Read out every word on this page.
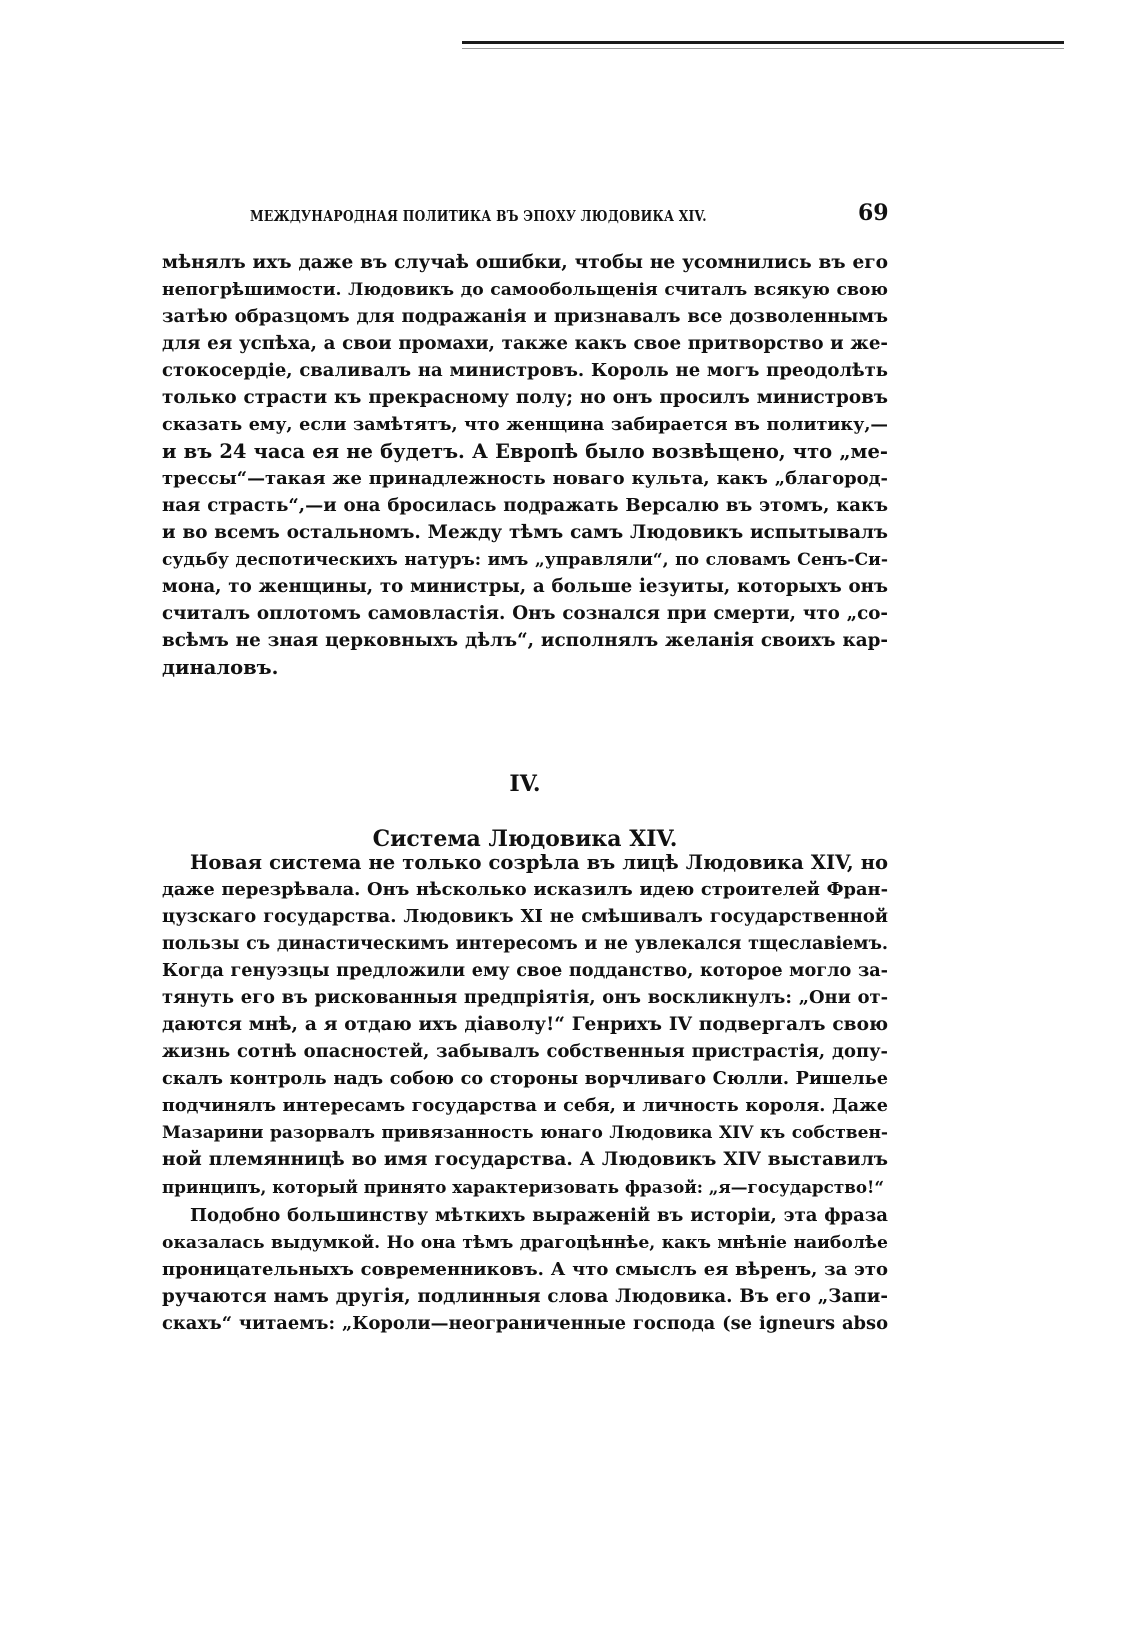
МЕЖДУНАРОДНАЯ ПОЛИТИКА ВЪ ЭПОХУ ЛЮДОВИКА XIV.	69
мѣнялъ ихъ даже въ случаѣ ошибки, чтобы не усомнились въ его
непогрѣшимости. Людовикъ до самообольщенія считалъ всякую свою
затѣю образцомъ для подражанія и признавалъ все дозволеннымъ
для ея успѣха, а свои промахи, также какъ свое притворство и же-
стокосердіе, сваливалъ на министровъ. Король не могъ преодолѣть
только страсти къ прекрасному полу; но онъ просилъ министровъ
сказать ему, если замѣтятъ, что женщина забирается въ политику,—
и въ 24 часа ея не будетъ. А Европѣ было возвѣщено, что „ме-
трессы“—такая же принадлежность новаго культа, какъ „благород-
ная страсть“,—и она бросилась подражать Версалю въ этомъ, какъ
и во всемъ остальномъ. Между тѣмъ самъ Людовикъ испытывалъ
судьбу деспотическихъ натуръ: имъ „управляли“, по словамъ Сенъ-Си-
мона, то женщины, то министры, а больше іезуиты, которыхъ онъ
считалъ оплотомъ самовластія. Онъ сознался при смерти, что „со-
всѣмъ не зная церковныхъ дѣлъ“, исполнялъ желанія своихъ кар-
диналовъ.
IV.
Система Людовика XIV.
Новая система не только созрѣла въ лицѣ Людовика XIV, но
даже перезрѣвала. Онъ нѣсколько исказилъ идею строителей Фран-
цузскаго государства. Людовикъ XI не смѣшивалъ государственной
пользы съ династическимъ интересомъ и не увлекался тщеславіемъ.
Когда генуэзцы предложили ему свое подданство, которое могло за-
тянуть его въ рискованныя предпріятія, онъ воскликнулъ: „Они от-
даются мнѣ, а я отдаю ихъ діаволу!“ Генрихъ IV подвергалъ свою
жизнь сотнѣ опасностей, забывалъ собственныя пристрастія, допу-
скалъ контроль надъ собою со стороны ворчливаго Сюлли. Ришелье
подчинялъ интересамъ государства и себя, и личность короля. Даже
Мазарини разорвалъ привязанность юнаго Людовика XIV къ собствен-
ной племянницѣ во имя государства. А Людовикъ XIV выставилъ
принципъ, который принято характеризовать фразой: „я—государство!“
Подобно большинству мѣткихъ выраженій въ исторіи, эта фраза
оказалась выдумкой. Но она тѣмъ драгоцѣннѣе, какъ мнѣніе наиболѣе
проницательныхъ современниковъ. А что смыслъ ея вѣренъ, за это
ручаются намъ другія, подлинныя слова Людовика. Въ его „Запи-
скахъ“ читаемъ: „Короли—неограниченные господа (se igneurs abso
